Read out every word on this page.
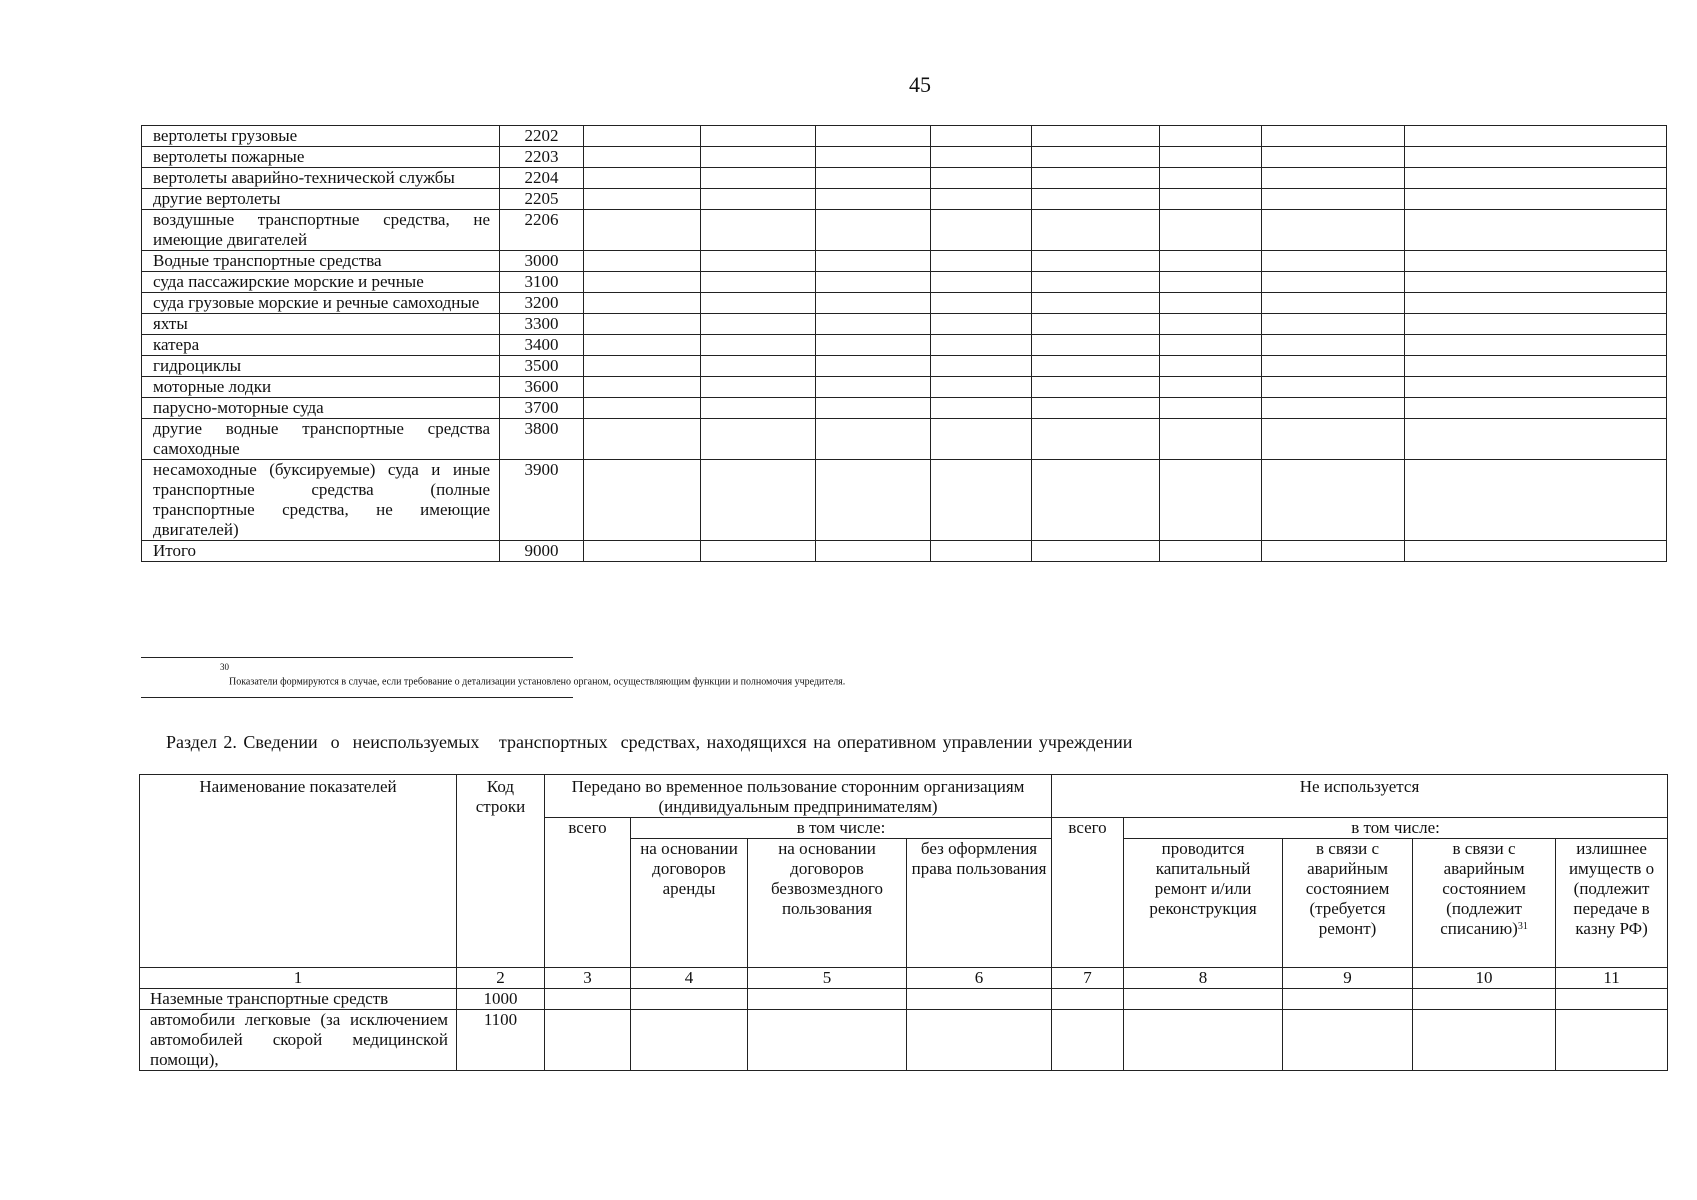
45
вертолеты грузовые	2202								
вертолеты пожарные	2203								
вертолеты аварийно-технической службы	2204								
другие вертолеты	2205								
воздушные транспортные средства, не имеющие двигателей	2206								
Водные транспортные средства	3000								
суда пассажирские морские и речные	3100								
суда грузовые морские и речные самоходные	3200								
яхты	3300								
катера	3400								
гидроциклы	3500								
моторные лодки	3600								
парусно-моторные суда	3700								
другие водные транспортные средства самоходные	3800								
несамоходные (буксируемые) суда и иные транспортные средства (полные транспортные средства, не имеющие двигателей)	3900								
Итого	9000								
$^{30}$Показатели формируются в случае, если требование о детализации установлено органом, осуществляющим функции и полномочия учредителя.
Раздел 2. Сведении  о  неиспользуемых   транспортных  средствах, находящихся на оперативном управлении учреждении
Наименование показателей	Код строки	Передано во временное пользование сторонним организациям (индивидуальным предпринимателям)				Не используется				
		всего	в том числе:			всего	в том числе:			
			на основании договоров аренды	на основании договоров безвозмездного пользования	без оформления права пользования		проводится капитальный ремонт и/или реконструкция	в связи с аварийным состоянием (требуется ремонт)	в связи с аварийным состоянием (подлежит списанию)$^{31}$	излишнее имуществ о (подлежит передаче в казну РФ)
1	2	3	4	5	6	7	8	9	10	11
Наземные транспортные средств	1000									
автомобили легковые (за исключением автомобилей скорой медицинской помощи),	1100									
